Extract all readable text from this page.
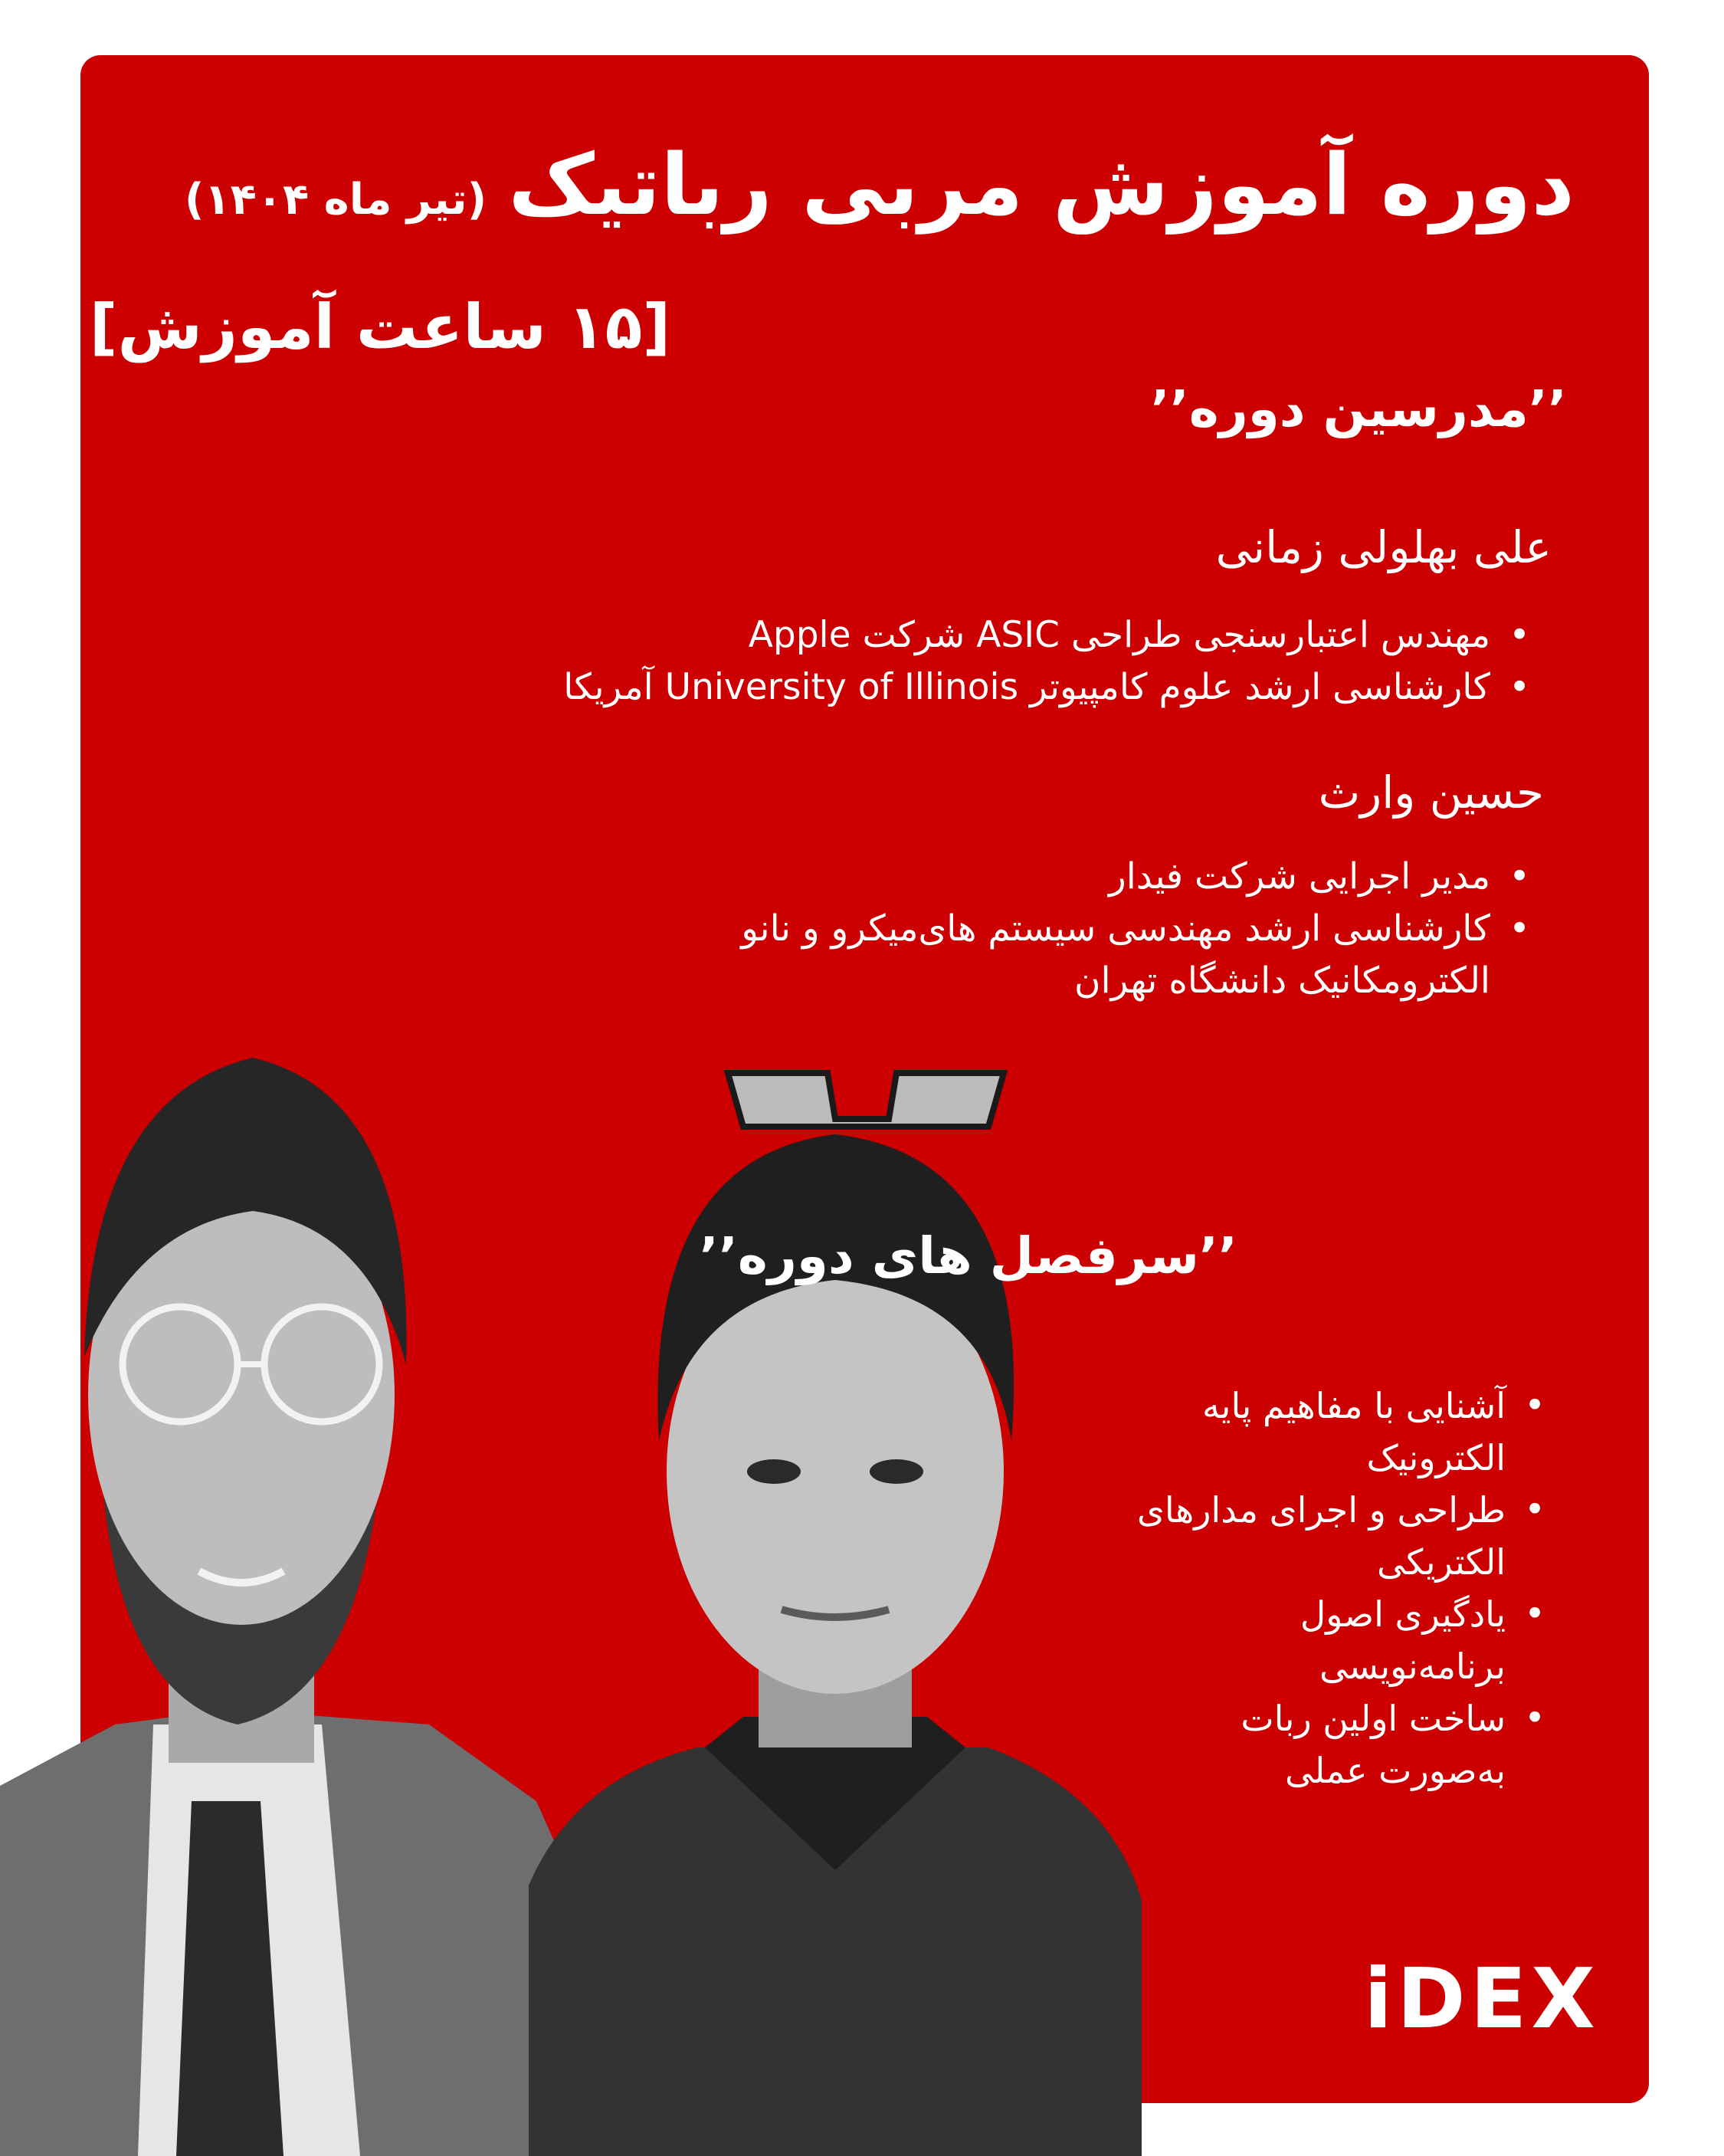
دوره آموزش مربی رباتیک
(تیر ماه ۱۴۰۴)
[۱۵ ساعت آموزش]
’’مدرسین دوره’’
علی بهلولی زمانی
• مهندس اعتبارسنجی طراحی ASIC شرکت Apple
• کارشناسی ارشد علوم کامپیوتر University of Illinois آمریکا
حسین وارث
• مدیر اجرایی شرکت فیدار
• کارشناسی ارشد مهندسی سیستم های‌میکرو و نانو
الکترومکانیک دانشگاه تهران
’’سرفصل های دوره’’
• آشنایی با مفاهیم پایه الکترونیک
• طراحی و اجرای مدارهای الکتریکی
• یادگیری اصول برنامه‌نویسی
• ساخت اولین ربات به‌صورت عملی
iDEX
